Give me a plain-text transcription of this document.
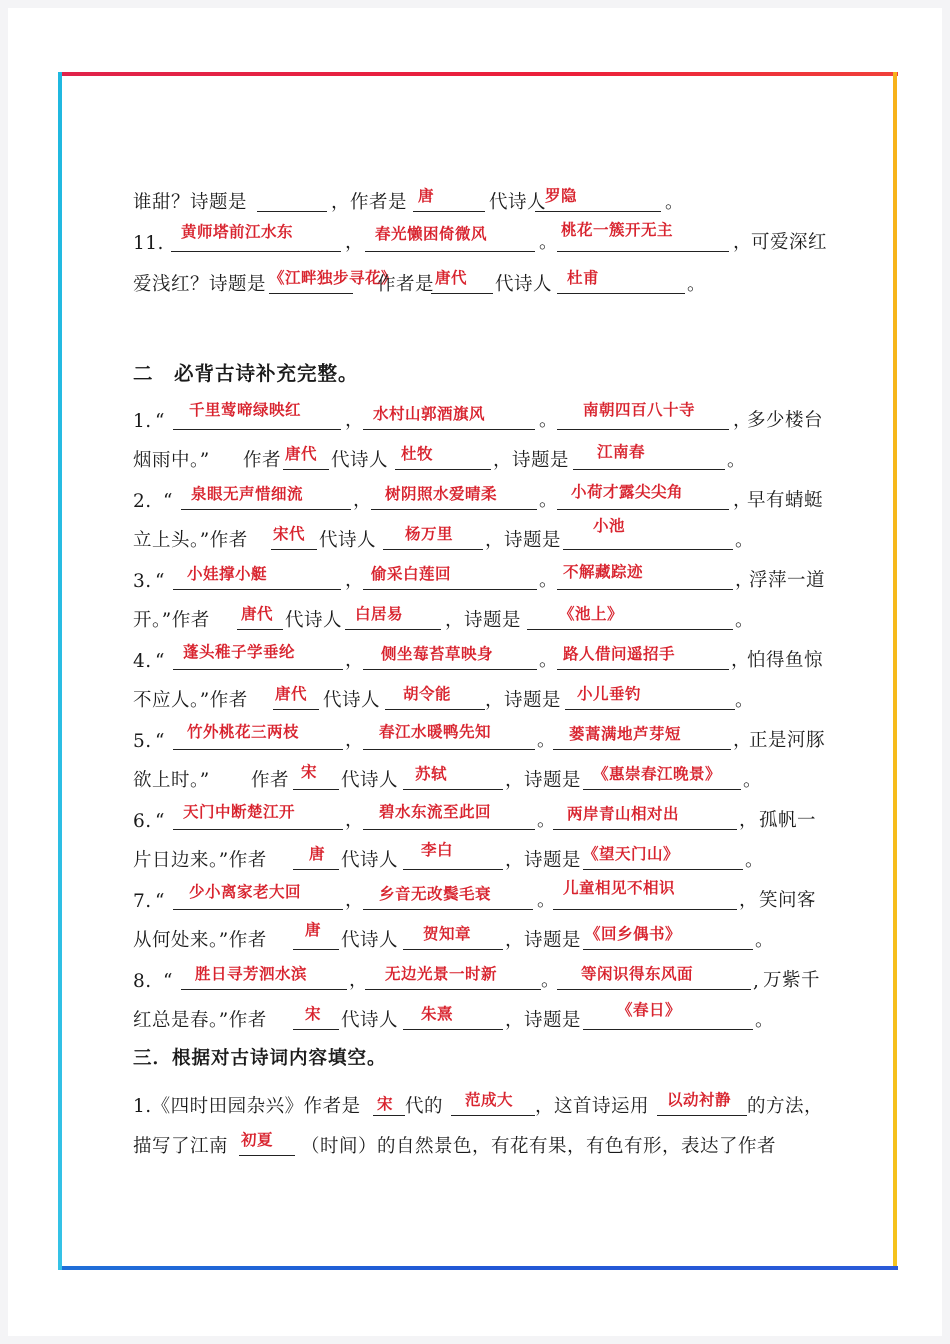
谁甜？诗题是	，作者是 唐	代诗人
罗隐	。
11.
黄师塔前江水东	， 春光懒困倚微风	。
桃花一簇开无主
，
可爱深红
爱浅红？诗题是 《江畔独步寻花》
作者是 唐代 代诗人 杜甫	。
二　必背古诗补充完整。
1. “
千里莺啼绿映红 ， 水村山郭酒旗风	。 南朝四百八十寺 ，
多少楼台
烟雨中。” 作者 唐代 代诗人 杜牧	，诗题是 江南春	。
2. “ 泉眼无声惜细流	， 树阴照水爱晴柔 。 小荷才露尖尖角	，
早有蜻蜓
立上头。”作者 宋代 代诗人 杨万里 ，诗题是
小池
。
3. “ 小娃撑小艇	， 偷采白莲回	。 不解藏踪迹	，
浮萍一道
开。”作者 唐代 代诗人 白居易 ，诗题是 《池上》	。
4. “ 蓬头稚子学垂纶	， 侧坐莓苔草映身 。 路人借问遥招手	，
怕得鱼惊
不应人。”作者 唐代 代诗人 胡令能 ，诗题是 小儿垂钓	。
5. “ 竹外桃花三两枝 ， 春江水暖鸭先知 。 蒌蒿满地芦芽短	，
正是河豚
欲上时。” 作者 宋 代诗人 苏轼	，诗题是 《惠崇春江晚景》 。
6. “ 天门中断楚江开	， 碧水东流至此回 。 两岸青山相对出	， 孤帆一
片日边来。”作者	唐 代诗人 李白	，诗题是 《望天门山》	。
7. “ 少小离家老大回 ， 乡音无改鬓毛衰 。
儿童相见不相识
， 笑问客
从何处来。”作者 唐 代诗人 贺知章 ，诗题是 《回乡偶书》	。
8. “ 胜日寻芳泗水滨 ， 无边光景一时新 。 等闲识得东风面	, 万紫千
红总是春。”作者 宋 代诗人 朱熹	，诗题是 《春日》	。
三．根据对古诗词内容填空。
1.《四时田园杂兴》作者是 宋 代的 范成大 ，这首诗运用 以动衬静 的方法，
描写了江南 初夏 （时间）的自然景色，有花有果，有色有形，表达了作者
